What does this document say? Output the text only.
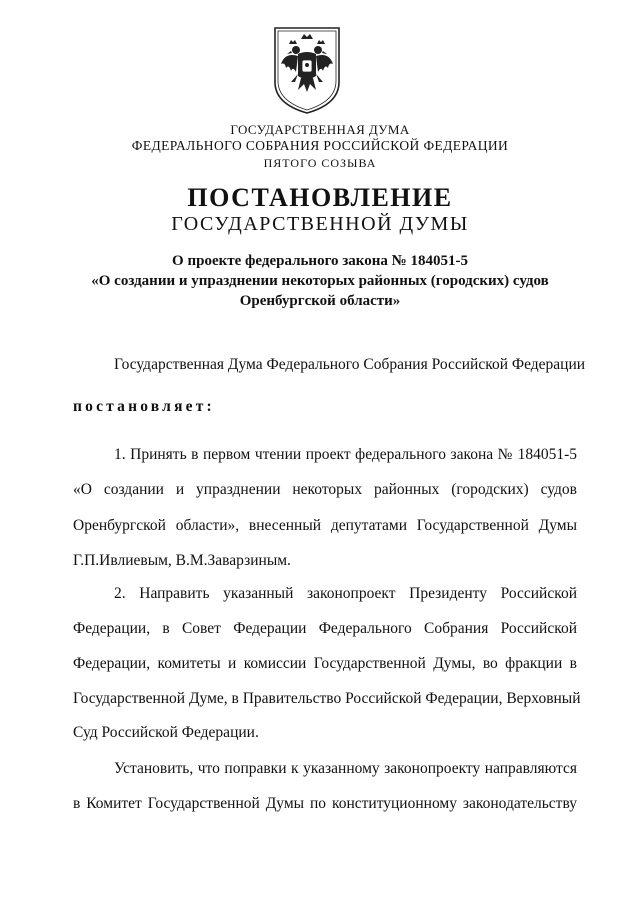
ГОСУДАРСТВЕННАЯ ДУМА
ФЕДЕРАЛЬНОГО СОБРАНИЯ РОССИЙСКОЙ ФЕДЕРАЦИИ
ПЯТОГО СОЗЫВА
ПОСТАНОВЛЕНИЕ
ГОСУДАРСТВЕННОЙ ДУМЫ
О проекте федерального закона № 184051-5
«О создании и упразднении некоторых районных (городских) судов
Оренбургской области»
Государственная Дума Федерального Собрания Российской Федерации
постановляет:
1. Принять в первом чтении проект федерального закона № 184051-5
«О создании и упразднении некоторых районных (городских) судов
Оренбургской области», внесенный депутатами Государственной Думы
Г.П.Ивлиевым, В.М.Заварзиным.
2. Направить указанный законопроект Президенту Российской
Федерации, в Совет Федерации Федерального Собрания Российской
Федерации, комитеты и комиссии Государственной Думы, во фракции в
Государственной Думе, в Правительство Российской Федерации, Верховный
Суд Российской Федерации.
Установить, что поправки к указанному законопроекту направляются
в Комитет Государственной Думы по конституционному законодательству
